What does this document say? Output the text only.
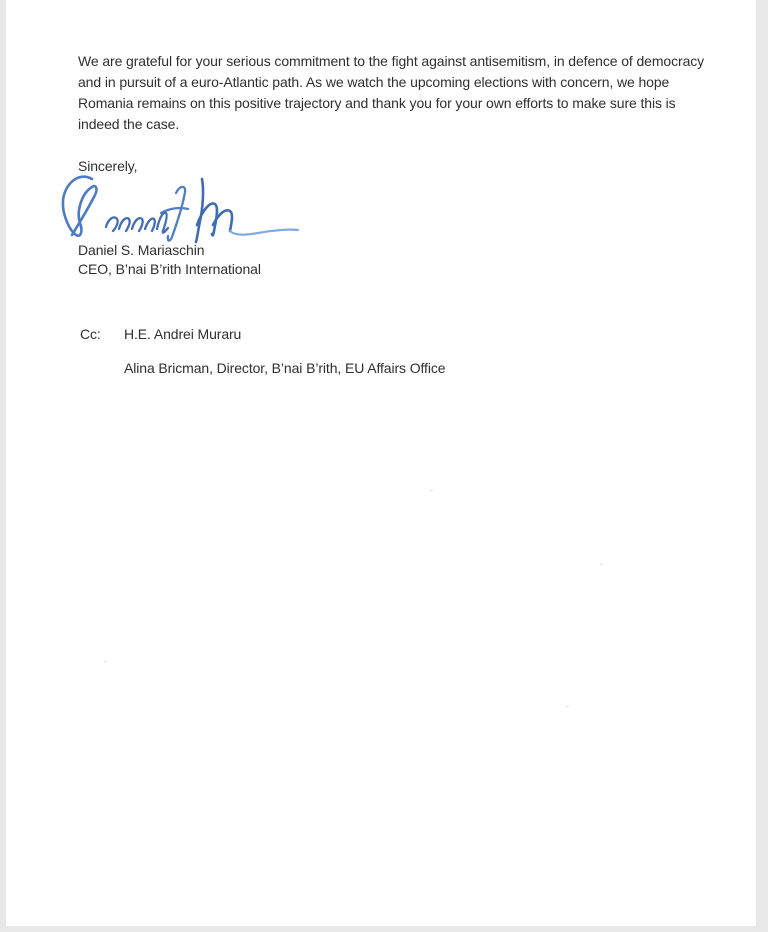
We are grateful for your serious commitment to the fight against antisemitism, in defence of democracy
and in pursuit of a euro-Atlantic path. As we watch the upcoming elections with concern, we hope
Romania remains on this positive trajectory and thank you for your own efforts to make sure this is
indeed the case.
Sincerely,
Daniel S. Mariaschin
CEO, B’nai B’rith International
Cc: H.E. Andrei Muraru
Alina Bricman, Director, B’nai B’rith, EU Affairs Office
